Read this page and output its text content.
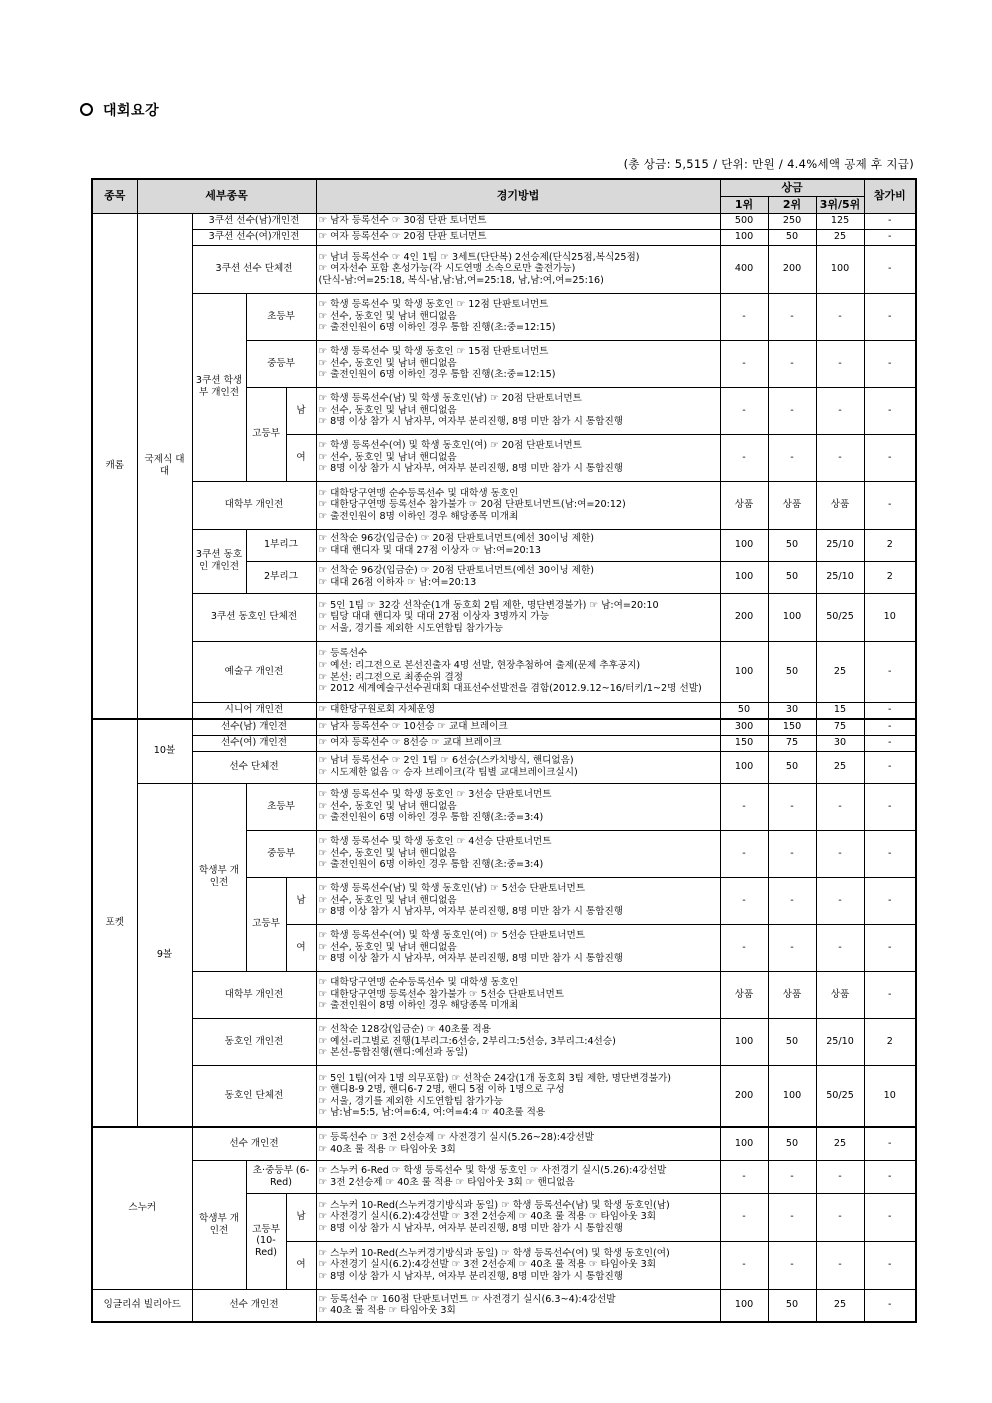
대회요강
(총 상금: 5,515 / 단위: 만원 / 4.4%세액 공제 후 지급)
종목	세부종목				경기방법	상금			참가비
						1위	2위	3위/5위	
캐롬	국제식 대대	3쿠션 선수(남)개인전			☞ 남자 등록선수 ☞ 30점 단판 토너먼트	500	250	125	-
		3쿠션 선수(여)개인전			☞ 여자 등록선수 ☞ 20점 단판 토너먼트	100	50	25	-
		3쿠션 선수 단체전			☞ 남녀 등록선수 ☞ 4인 1팀 ☞ 3세트(단단복) 2선승제(단식25점,복식25점)
☞ 여자선수 포함 혼성가능(각 시도연맹 소속으로만 출전가능)
(단식-남:여=25:18, 복식-남,남:남,여=25:18, 남,남:여,여=25:16)	400	200	100	-
		3쿠션 학생부 개인전	초등부		☞ 학생 등록선수 및 학생 동호인 ☞ 12점 단판토너먼트
☞ 선수, 동호인 및 남녀 핸디없음
☞ 출전인원이 6명 이하인 경우 통합 진행(초:중=12:15)	-	-	-	-
			중등부		☞ 학생 등록선수 및 학생 동호인 ☞ 15점 단판토너먼트
☞ 선수, 동호인 및 남녀 핸디없음
☞ 출전인원이 6명 이하인 경우 통합 진행(초:중=12:15)	-	-	-	-
			고등부	남	☞ 학생 등록선수(남) 및 학생 동호인(남) ☞ 20점 단판토너먼트
☞ 선수, 동호인 및 남녀 핸디없음
☞ 8명 이상 참가 시 남자부, 여자부 분리진행, 8명 미만 참가 시 통합진행	-	-	-	-
				여	☞ 학생 등록선수(여) 및 학생 동호인(여) ☞ 20점 단판토너먼트
☞ 선수, 동호인 및 남녀 핸디없음
☞ 8명 이상 참가 시 남자부, 여자부 분리진행, 8명 미만 참가 시 통합진행	-	-	-	-
		대학부 개인전			☞ 대학당구연맹 순수등록선수 및 대학생 동호인
☞ 대한당구연맹 등록선수 참가불가 ☞ 20점 단판토너먼트(남:여=20:12)
☞ 출전인원이 8명 이하인 경우 해당종목 미개최	상품	상품	상품	-
		3쿠션 동호인 개인전	1부리그		☞ 선착순 96강(입금순) ☞ 20점 단판토너먼트(예선 30이닝 제한)
☞ 대대 핸디자 및 대대 27점 이상자 ☞ 남:여=20:13	100	50	25/10	2
			2부리그		☞ 선착순 96강(입금순) ☞ 20점 단판토너먼트(예선 30이닝 제한)
☞ 대대 26점 이하자 ☞ 남:여=20:13	100	50	25/10	2
		3쿠션 동호인 단체전			☞ 5인 1팀 ☞ 32강 선착순(1개 동호회 2팀 제한, 명단변경불가) ☞ 남:여=20:10
☞ 팀당 대대 핸디자 및 대대 27점 이상자 3명까지 가능
☞ 서울, 경기를 제외한 시도연합팀 참가가능	200	100	50/25	10
		예술구 개인전			☞ 등록선수
☞ 예선: 리그전으로 본선진출자 4명 선발, 현장추첨하여 출제(문제 추후공지)
☞ 본선: 리그전으로 최종순위 결정
☞ 2012 세계예술구선수권대회 대표선수선발전을 겸함(2012.9.12~16/터키/1~2명 선발)	100	50	25	-
		시니어 개인전			☞ 대한당구원로회 자체운영	50	30	15	-
포켓	10볼	선수(남) 개인전			☞ 남자 등록선수 ☞ 10선승 ☞ 교대 브레이크	300	150	75	-
		선수(여) 개인전			☞ 여자 등록선수 ☞ 8선승 ☞ 교대 브레이크	150	75	30	-
		선수 단체전			☞ 남녀 등록선수 ☞ 2인 1팀 ☞ 6선승(스카치방식, 핸디없음)
☞ 시도제한 없음 ☞ 승자 브레이크(각 팀별 교대브레이크실시)	100	50	25	-
	9볼	학생부 개인전	초등부		☞ 학생 등록선수 및 학생 동호인 ☞ 3선승 단판토너먼트
☞ 선수, 동호인 및 남녀 핸디없음
☞ 출전인원이 6명 이하인 경우 통합 진행(초:중=3:4)	-	-	-	-
			중등부		☞ 학생 등록선수 및 학생 동호인 ☞ 4선승 단판토너먼트
☞ 선수, 동호인 및 남녀 핸디없음
☞ 출전인원이 6명 이하인 경우 통합 진행(초:중=3:4)	-	-	-	-
			고등부	남	☞ 학생 등록선수(남) 및 학생 동호인(남) ☞ 5선승 단판토너먼트
☞ 선수, 동호인 및 남녀 핸디없음
☞ 8명 이상 참가 시 남자부, 여자부 분리진행, 8명 미만 참가 시 통합진행	-	-	-	-
				여	☞ 학생 등록선수(여) 및 학생 동호인(여) ☞ 5선승 단판토너먼트
☞ 선수, 동호인 및 남녀 핸디없음
☞ 8명 이상 참가 시 남자부, 여자부 분리진행, 8명 미만 참가 시 통합진행	-	-	-	-
		대학부 개인전			☞ 대학당구연맹 순수등록선수 및 대학생 동호인
☞ 대한당구연맹 등록선수 참가불가 ☞ 5선승 단판토너먼트
☞ 출전인원이 8명 이하인 경우 해당종목 미개최	상품	상품	상품	-
		동호인 개인전			☞ 선착순 128강(입금순) ☞ 40초룰 적용
☞ 예선-리그별로 진행(1부리그:6선승, 2부리그:5선승, 3부리그:4선승)
☞ 본선-통합진행(핸디:예선과 동일)	100	50	25/10	2
		동호인 단체전			☞ 5인 1팀(여자 1명 의무포함) ☞ 선착순 24강(1개 동호회 3팀 제한, 명단변경불가)
☞ 핸디8-9 2명, 핸디6-7 2명, 핸디 5점 이하 1명으로 구성
☞ 서울, 경기를 제외한 시도연합팀 참가가능
☞ 남:남=5:5, 남:여=6:4, 여:여=4:4 ☞ 40초룰 적용	200	100	50/25	10
스누커		선수 개인전			☞ 등록선수 ☞ 3전 2선승제 ☞ 사전경기 실시(5.26~28):4강선발
☞ 40초 룰 적용 ☞ 타임아웃 3회	100	50	25	-
		학생부 개인전	초·중등부 (6-Red)		☞ 스누커 6-Red ☞ 학생 등록선수 및 학생 동호인 ☞ 사전경기 실시(5.26):4강선발
☞ 3전 2선승제 ☞ 40초 룰 적용 ☞ 타임아웃 3회 ☞ 핸디없음	-	-	-	-
			고등부 (10-Red)	남	☞ 스누커 10-Red(스누커경기방식과 동일) ☞ 학생 등록선수(남) 및 학생 동호인(남)
☞ 사전경기 실시(6.2):4강선발 ☞ 3전 2선승제 ☞ 40초 룰 적용 ☞ 타임아웃 3회
☞ 8명 이상 참가 시 남자부, 여자부 분리진행, 8명 미만 참가 시 통합진행	-	-	-	-
				여	☞ 스누커 10-Red(스누커경기방식과 동일) ☞ 학생 등록선수(여) 및 학생 동호인(여)
☞ 사전경기 실시(6.2):4강선발 ☞ 3전 2선승제 ☞ 40초 룰 적용 ☞ 타임아웃 3회
☞ 8명 이상 참가 시 남자부, 여자부 분리진행, 8명 미만 참가 시 통합진행	-	-	-	-
잉글리쉬 빌리아드		선수 개인전			☞ 등록선수 ☞ 160점 단판토너먼트 ☞ 사전경기 실시(6.3~4):4강선발
☞ 40초 룰 적용 ☞ 타임아웃 3회	100	50	25	-
